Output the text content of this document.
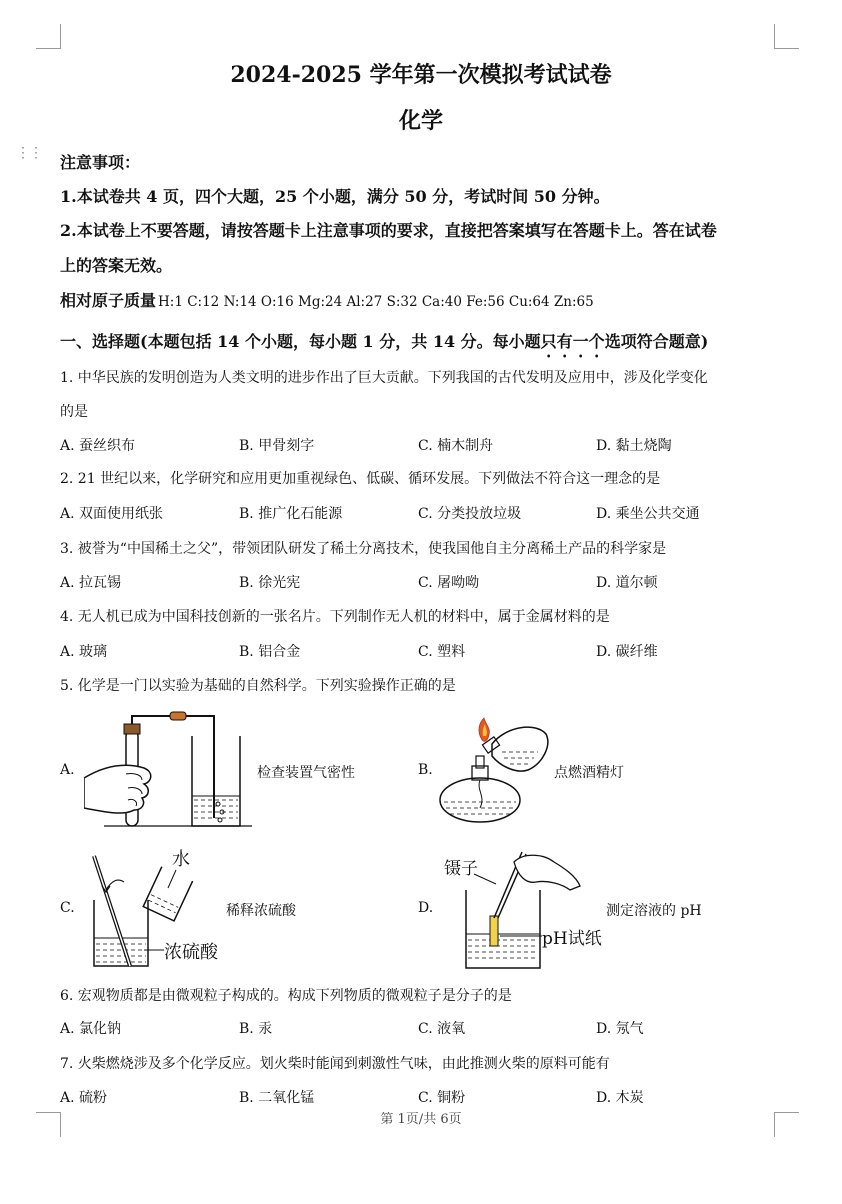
⋮⋮
2024-2025 学年第一次模拟考试试卷
化学
注意事项：
1.本试卷共 4 页，四个大题，25 个小题，满分 50 分，考试时间 50 分钟。
2.本试卷上不要答题，请按答题卡上注意事项的要求，直接把答案填写在答题卡上。答在试卷
上的答案无效。
相对原子质量 H:1 C:12 N:14 O:16 Mg:24 Al:27 S:32 Ca:40 Fe:56 Cu:64 Zn:65
一、选择题(本题包括 14 个小题，每小题 1 分，共 14 分。每小题只有一个选项符合题意)
1. 中华民族的发明创造为人类文明的进步作出了巨大贡献。下列我国的古代发明及应用中，涉及化学变化
的是
A. 蚕丝织布	B. 甲骨刻字	C. 楠木制舟	D. 黏土烧陶
2. 21 世纪以来，化学研究和应用更加重视绿色、低碳、循环发展。下列做法不符合这一理念的是
A. 双面使用纸张	B. 推广化石能源	C. 分类投放垃圾	D. 乘坐公共交通
3. 被誉为“中国稀土之父”，带领团队研发了稀土分离技术，使我国他自主分离稀土产品的科学家是
A. 拉瓦锡	B. 徐光宪	C. 屠呦呦	D. 道尔顿
4. 无人机已成为中国科技创新的一张名片。下列制作无人机的材料中，属于金属材料的是
A. 玻璃	B. 铝合金	C. 塑料	D. 碳纤维
5. 化学是一门以实验为基础的自然科学。下列实验操作正确的是
A.	检查装置气密性	B.	点燃酒精灯
C.
水
浓硫酸
稀释浓硫酸	D.
镊子
pH试纸
测定溶液的 pH
6. 宏观物质都是由微观粒子构成的。构成下列物质的微观粒子是分子的是
A. 氯化钠	B. 汞	C. 液氧	D. 氖气
7. 火柴燃烧涉及多个化学反应。划火柴时能闻到刺激性气味，由此推测火柴的原料可能有
A. 硫粉	B. 二氧化锰	C. 铜粉	D. 木炭
第 1页/共 6页
